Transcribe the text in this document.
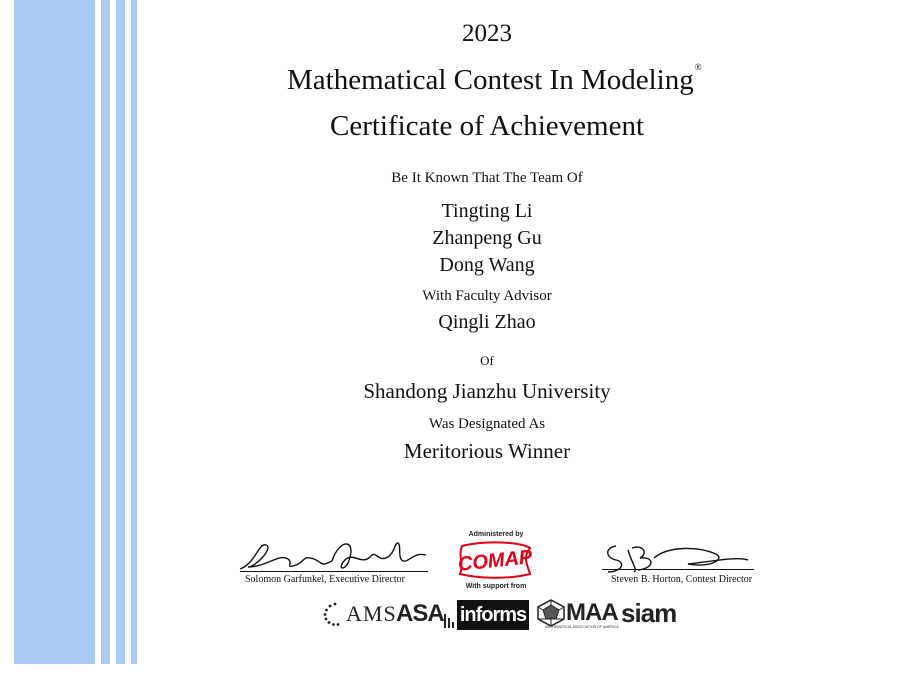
2023
Mathematical Contest In Modeling®
Certificate of Achievement
Be It Known That The Team Of
Tingting Li
Zhanpeng Gu
Dong Wang
With Faculty Advisor
Qingli Zhao
Of
Shandong Jianzhu University
Was Designated As
Meritorious Winner
Solomon Garfunkel, Executive Director	Steven B. Horton, Contest Director
Administered by
COMAP
With support from
AMS ASA informs MAA
MATHEMATICAL ASSOCIATION OF AMERICA siam
